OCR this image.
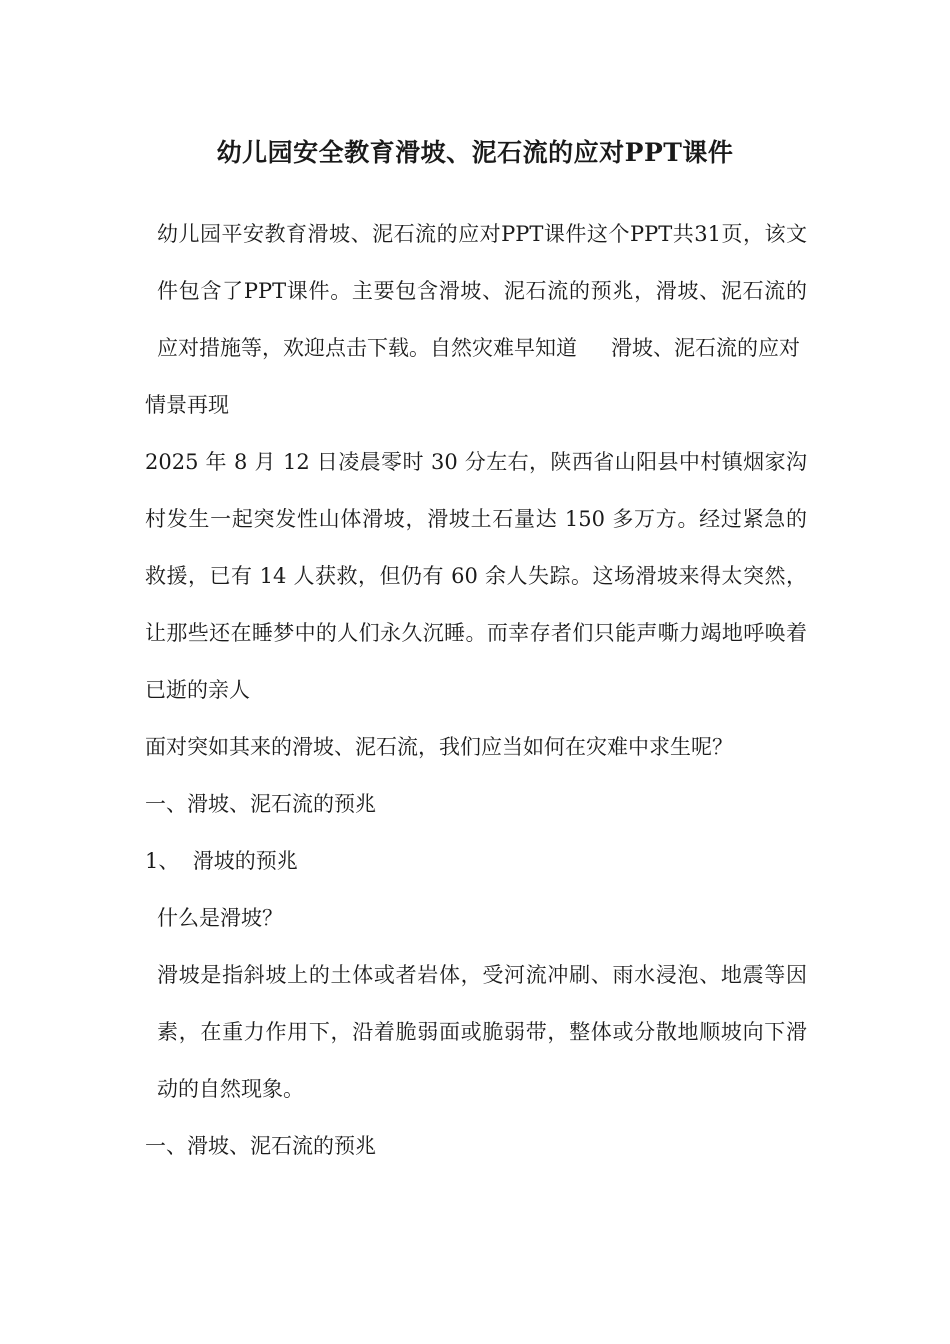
幼儿园安全教育滑坡、泥石流的应对PPT课件

幼儿园平安教育滑坡、泥石流的应对PPT课件这个PPT共31页，该文件包含了PPT课件。主要包含滑坡、泥石流的预兆，滑坡、泥石流的应对措施等，欢迎点击下载。自然灾难早知道 滑坡、泥石流的应对

情景再现

2025 年 8 月 12 日凌晨零时 30 分左右，陕西省山阳县中村镇烟家沟村发生一起突发性山体滑坡，滑坡土石量达 150 多万方。经过紧急的救援，已有 14 人获救，但仍有 60 余人失踪。这场滑坡来得太突然，让那些还在睡梦中的人们永久沉睡。而幸存者们只能声嘶力竭地呼唤着已逝的亲人

面对突如其来的滑坡、泥石流，我们应当如何在灾难中求生呢？

一、滑坡、泥石流的预兆

1、  滑坡的预兆

什么是滑坡？

滑坡是指斜坡上的土体或者岩体，受河流冲刷、雨水浸泡、地震等因素，在重力作用下，沿着脆弱面或脆弱带，整体或分散地顺坡向下滑动的自然现象。

一、滑坡、泥石流的预兆
